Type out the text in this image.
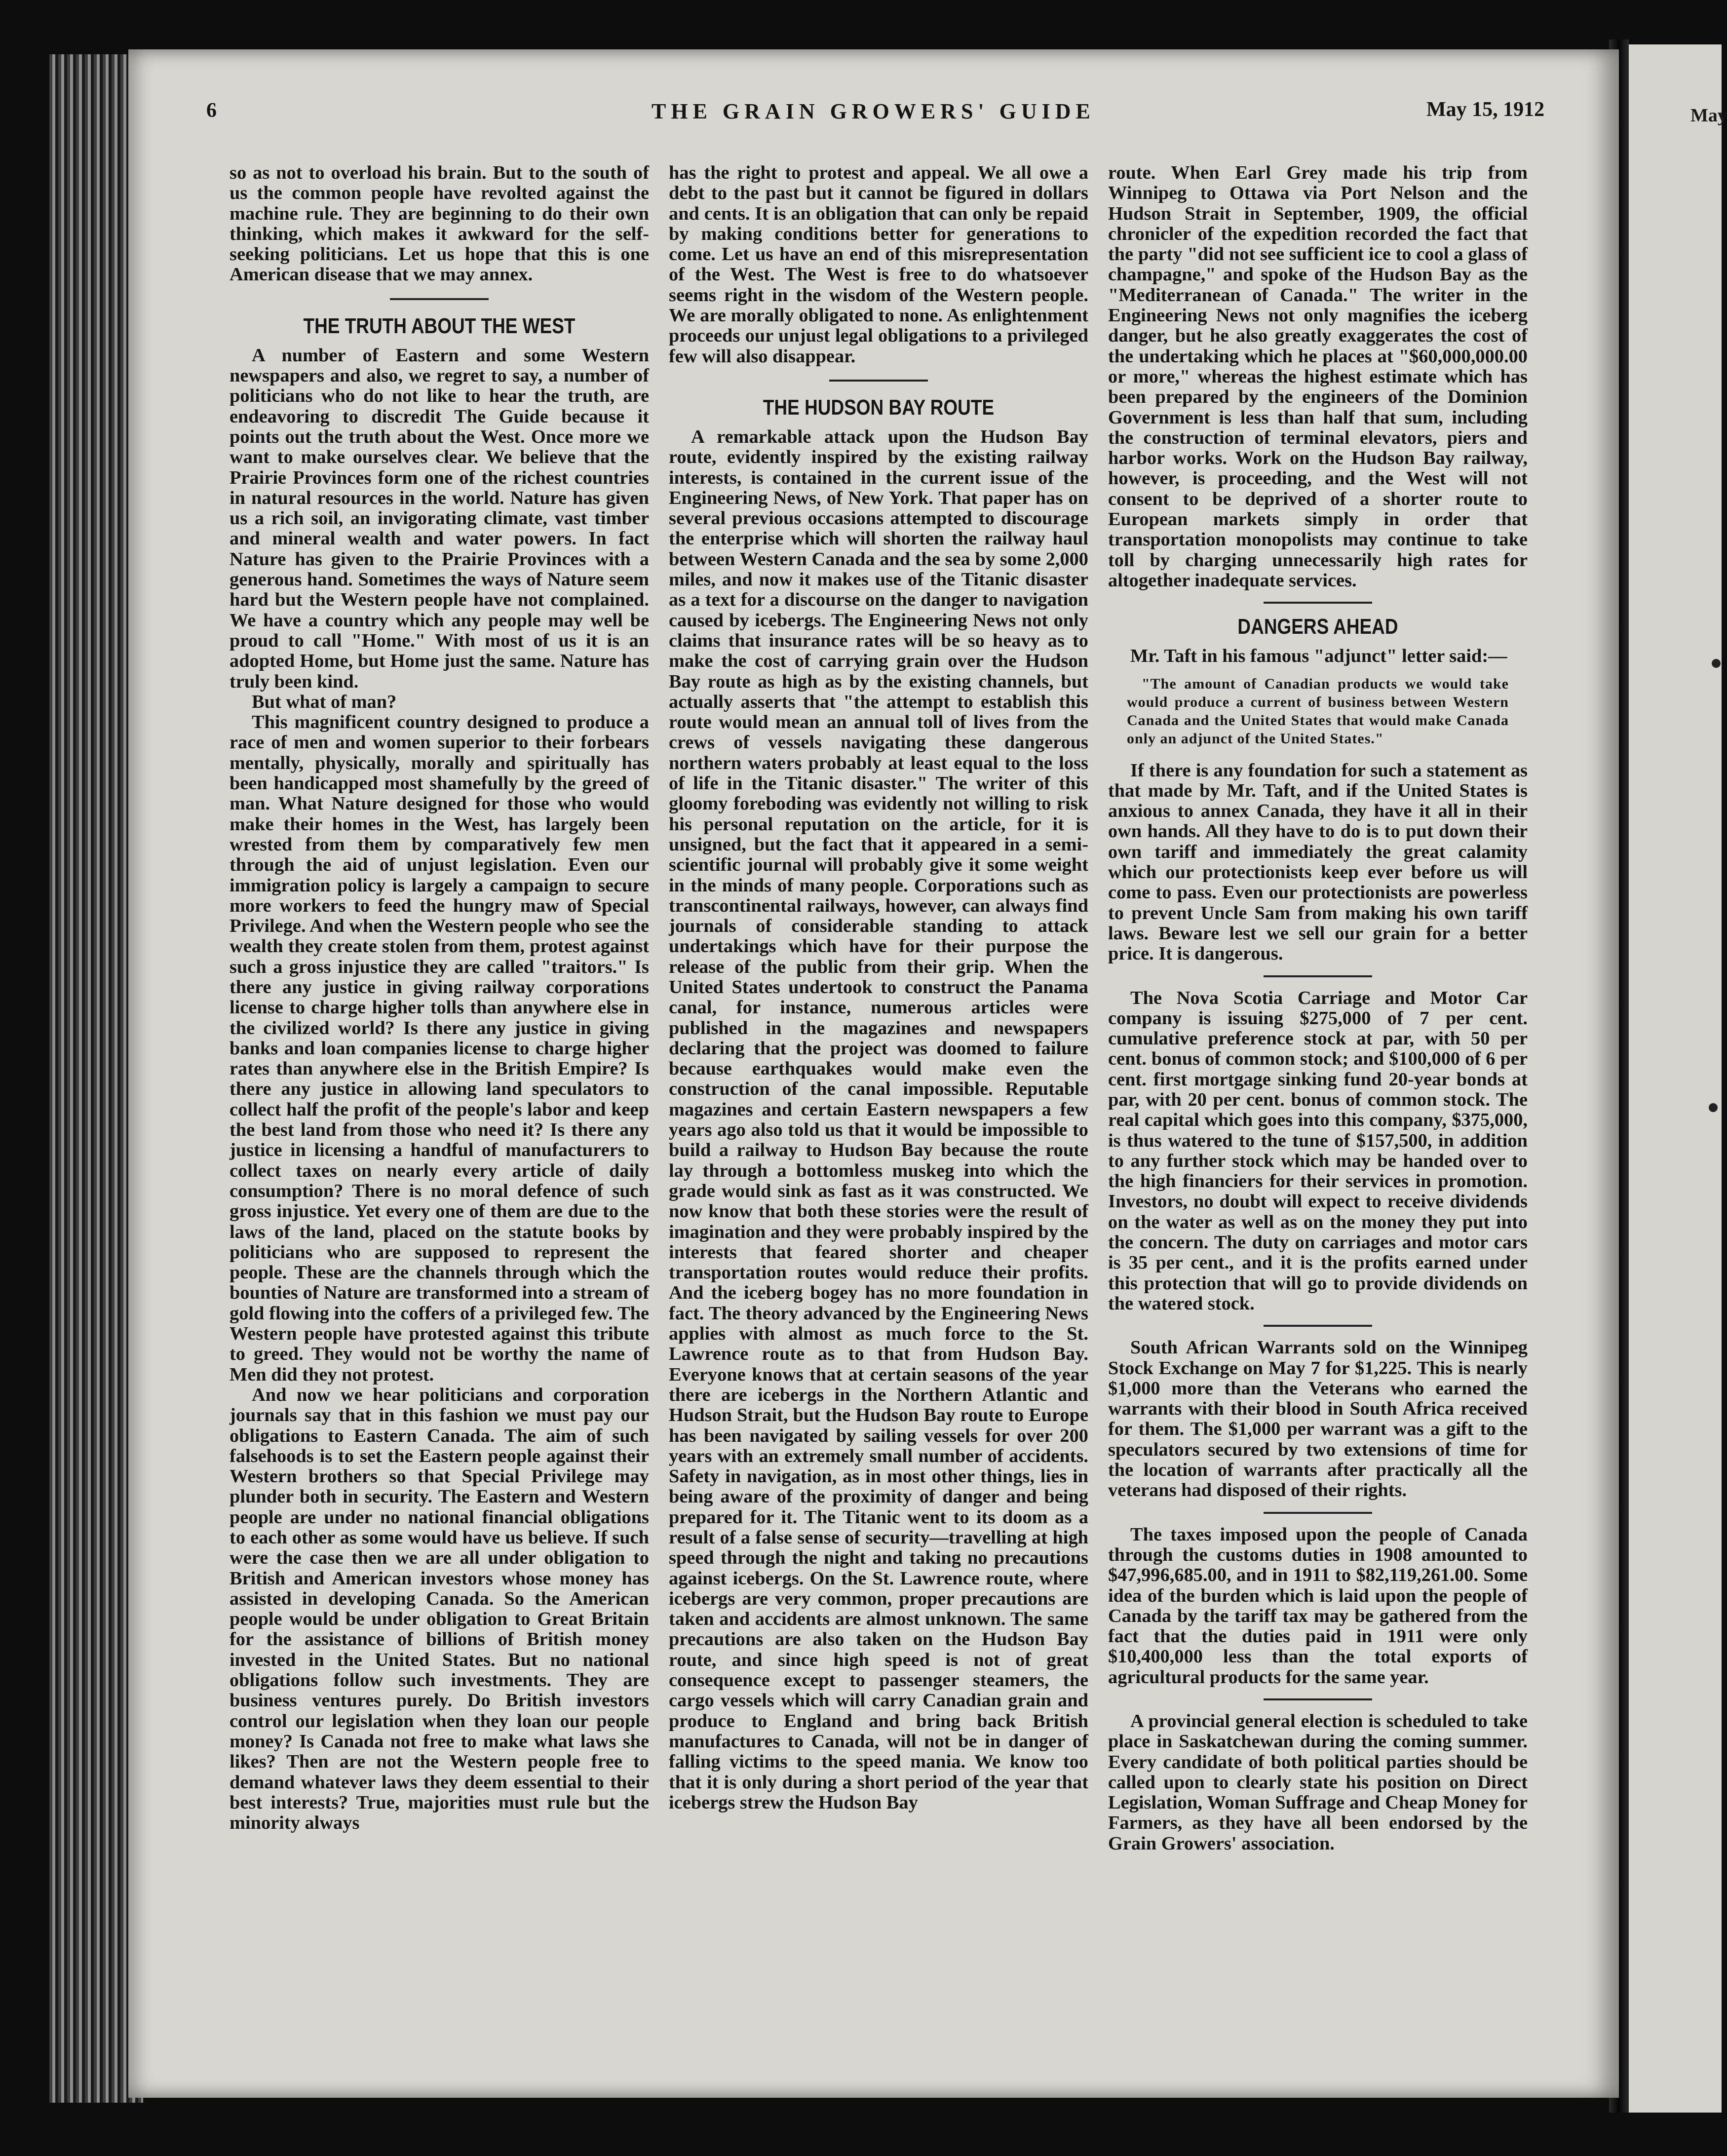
May
6	THE GRAIN GROWERS' GUIDE	May 15, 1912

so as not to overload his brain. But to the south of us the common people have revolted against the machine rule. They are beginning to do their own thinking, which makes it awkward for the self-seeking politicians. Let us hope that this is one American disease that we may annex.

THE TRUTH ABOUT THE WEST

A number of Eastern and some Western newspapers and also, we regret to say, a number of politicians who do not like to hear the truth, are endeavoring to discredit The Guide because it points out the truth about the West. Once more we want to make ourselves clear. We believe that the Prairie Provinces form one of the richest countries in natural resources in the world. Nature has given us a rich soil, an invigorating climate, vast timber and mineral wealth and water powers. In fact Nature has given to the Prairie Provinces with a generous hand. Sometimes the ways of Nature seem hard but the Western people have not complained. We have a country which any people may well be proud to call "Home." With most of us it is an adopted Home, but Home just the same. Nature has truly been kind.

But what of man?

This magnificent country designed to produce a race of men and women superior to their forbears mentally, physically, morally and spiritually has been handicapped most shamefully by the greed of man. What Nature designed for those who would make their homes in the West, has largely been wrested from them by comparatively few men through the aid of unjust legislation. Even our immigration policy is largely a campaign to secure more workers to feed the hungry maw of Special Privilege. And when the Western people who see the wealth they create stolen from them, protest against such a gross injustice they are called "traitors." Is there any justice in giving railway corporations license to charge higher tolls than anywhere else in the civilized world? Is there any justice in giving banks and loan companies license to charge higher rates than anywhere else in the British Empire? Is there any justice in allowing land speculators to collect half the profit of the people's labor and keep the best land from those who need it? Is there any justice in licensing a handful of manufacturers to collect taxes on nearly every article of daily consumption? There is no moral defence of such gross injustice. Yet every one of them are due to the laws of the land, placed on the statute books by politicians who are supposed to represent the people. These are the channels through which the bounties of Nature are transformed into a stream of gold flowing into the coffers of a privileged few. The Western people have protested against this tribute to greed. They would not be worthy the name of Men did they not protest.

And now we hear politicians and corporation journals say that in this fashion we must pay our obligations to Eastern Canada. The aim of such falsehoods is to set the Eastern people against their Western brothers so that Special Privilege may plunder both in security. The Eastern and Western people are under no national financial obligations to each other as some would have us believe. If such were the case then we are all under obligation to British and American investors whose money has assisted in developing Canada. So the American people would be under obligation to Great Britain for the assistance of billions of British money invested in the United States. But no national obligations follow such investments. They are business ventures purely. Do British investors control our legislation when they loan our people money? Is Canada not free to make what laws she likes? Then are not the Western people free to demand whatever laws they deem essential to their best interests? True, majorities must rule but the minority always

has the right to protest and appeal. We all owe a debt to the past but it cannot be figured in dollars and cents. It is an obligation that can only be repaid by making conditions better for generations to come. Let us have an end of this misrepresentation of the West. The West is free to do whatsoever seems right in the wisdom of the Western people. We are morally obligated to none. As enlightenment proceeds our unjust legal obligations to a privileged few will also disappear.

THE HUDSON BAY ROUTE

A remarkable attack upon the Hudson Bay route, evidently inspired by the existing railway interests, is contained in the current issue of the Engineering News, of New York. That paper has on several previous occasions attempted to discourage the enterprise which will shorten the railway haul between Western Canada and the sea by some 2,000 miles, and now it makes use of the Titanic disaster as a text for a discourse on the danger to navigation caused by icebergs. The Engineering News not only claims that insurance rates will be so heavy as to make the cost of carrying grain over the Hudson Bay route as high as by the existing channels, but actually asserts that "the attempt to establish this route would mean an annual toll of lives from the crews of vessels navigating these dangerous northern waters probably at least equal to the loss of life in the Titanic disaster." The writer of this gloomy foreboding was evidently not willing to risk his personal reputation on the article, for it is unsigned, but the fact that it appeared in a semi-scientific journal will probably give it some weight in the minds of many people. Corporations such as transcontinental railways, however, can always find journals of considerable standing to attack undertakings which have for their purpose the release of the public from their grip. When the United States undertook to construct the Panama canal, for instance, numerous articles were published in the magazines and newspapers declaring that the project was doomed to failure because earthquakes would make even the construction of the canal impossible. Reputable magazines and certain Eastern newspapers a few years ago also told us that it would be impossible to build a railway to Hudson Bay because the route lay through a bottomless muskeg into which the grade would sink as fast as it was constructed. We now know that both these stories were the result of imagination and they were probably inspired by the interests that feared shorter and cheaper transportation routes would reduce their profits. And the iceberg bogey has no more foundation in fact. The theory advanced by the Engineering News applies with almost as much force to the St. Lawrence route as to that from Hudson Bay. Everyone knows that at certain seasons of the year there are icebergs in the Northern Atlantic and Hudson Strait, but the Hudson Bay route to Europe has been navigated by sailing vessels for over 200 years with an extremely small number of accidents. Safety in navigation, as in most other things, lies in being aware of the proximity of danger and being prepared for it. The Titanic went to its doom as a result of a false sense of security—travelling at high speed through the night and taking no precautions against icebergs. On the St. Lawrence route, where icebergs are very common, proper precautions are taken and accidents are almost unknown. The same precautions are also taken on the Hudson Bay route, and since high speed is not of great consequence except to passenger steamers, the cargo vessels which will carry Canadian grain and produce to England and bring back British manufactures to Canada, will not be in danger of falling victims to the speed mania. We know too that it is only during a short period of the year that icebergs strew the Hudson Bay

route. When Earl Grey made his trip from Winnipeg to Ottawa via Port Nelson and the Hudson Strait in September, 1909, the official chronicler of the expedition recorded the fact that the party "did not see sufficient ice to cool a glass of champagne," and spoke of the Hudson Bay as the "Mediterranean of Canada." The writer in the Engineering News not only magnifies the iceberg danger, but he also greatly exaggerates the cost of the undertaking which he places at "$60,000,000.00 or more," whereas the highest estimate which has been prepared by the engineers of the Dominion Government is less than half that sum, including the construction of terminal elevators, piers and harbor works. Work on the Hudson Bay railway, however, is proceeding, and the West will not consent to be deprived of a shorter route to European markets simply in order that transportation monopolists may continue to take toll by charging unnecessarily high rates for altogether inadequate services.

DANGERS AHEAD

Mr. Taft in his famous "adjunct" letter said:—

"The amount of Canadian products we would take would produce a current of business between Western Canada and the United States that would make Canada only an adjunct of the United States."

If there is any foundation for such a statement as that made by Mr. Taft, and if the United States is anxious to annex Canada, they have it all in their own hands. All they have to do is to put down their own tariff and immediately the great calamity which our protectionists keep ever before us will come to pass. Even our protectionists are powerless to prevent Uncle Sam from making his own tariff laws. Beware lest we sell our grain for a better price. It is dangerous.

The Nova Scotia Carriage and Motor Car company is issuing $275,000 of 7 per cent. cumulative preference stock at par, with 50 per cent. bonus of common stock; and $100,000 of 6 per cent. first mortgage sinking fund 20-year bonds at par, with 20 per cent. bonus of common stock. The real capital which goes into this company, $375,000, is thus watered to the tune of $157,500, in addition to any further stock which may be handed over to the high financiers for their services in promotion. Investors, no doubt will expect to receive dividends on the water as well as on the money they put into the concern. The duty on carriages and motor cars is 35 per cent., and it is the profits earned under this protection that will go to provide dividends on the watered stock.

South African Warrants sold on the Winnipeg Stock Exchange on May 7 for $1,225. This is nearly $1,000 more than the Veterans who earned the warrants with their blood in South Africa received for them. The $1,000 per warrant was a gift to the speculators secured by two extensions of time for the location of warrants after practically all the veterans had disposed of their rights.

The taxes imposed upon the people of Canada through the customs duties in 1908 amounted to $47,996,685.00, and in 1911 to $82,119,261.00. Some idea of the burden which is laid upon the people of Canada by the tariff tax may be gathered from the fact that the duties paid in 1911 were only $10,400,000 less than the total exports of agricultural products for the same year.

A provincial general election is scheduled to take place in Saskatchewan during the coming summer. Every candidate of both political parties should be called upon to clearly state his position on Direct Legislation, Woman Suffrage and Cheap Money for Farmers, as they have all been endorsed by the Grain Growers' association.
